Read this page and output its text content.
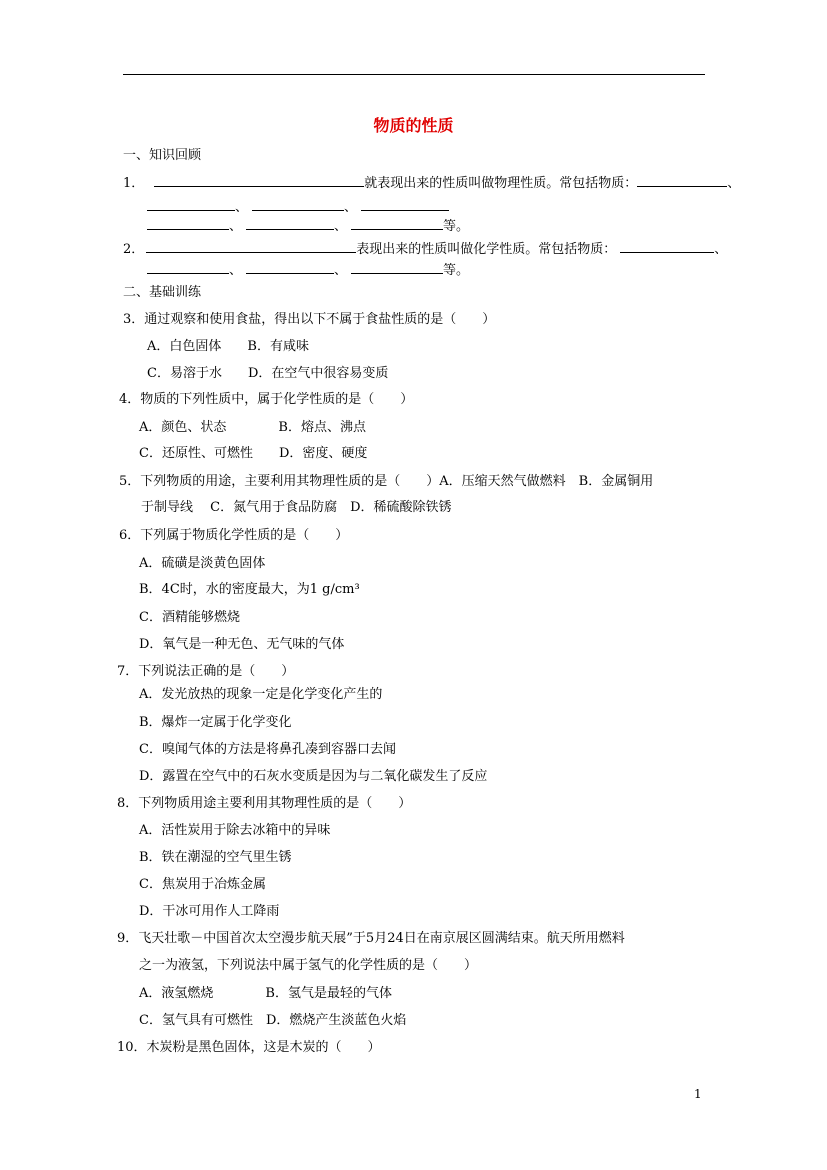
物质的性质
一、知识回顾
1．	就表现出来的性质叫做物理性质。常包括物质：	、
、	、
、	、	等。
2．	表现出来的性质叫做化学性质。常包括物质：	、
、	、	等。
二、基础训练
3．通过观察和使用食盐，得出以下不属于食盐性质的是（　　）
A．白色固体　　B．有咸味
C．易溶于水　　D．在空气中很容易变质
4．物质的下列性质中，属于化学性质的是（　　）
A．颜色、状态　　　　B．熔点、沸点
C．还原性、可燃性　　D．密度、硬度
5．下列物质的用途，主要利用其物理性质的是（　　）A．压缩天然气做燃料　B．金属铜用
于制导线　 C．氮气用于食品防腐　D．稀硫酸除铁锈
6．下列属于物质化学性质的是（　　）
A．硫磺是淡黄色固体
B．4C时，水的密度最大，为1 g/cm³
C．酒精能够燃烧
D．氧气是一种无色、无气味的气体
7．下列说法正确的是（　　）
A．发光放热的现象一定是化学变化产生的
B．爆炸一定属于化学变化
C．嗅闻气体的方法是将鼻孔凑到容器口去闻
D．露置在空气中的石灰水变质是因为与二氧化碳发生了反应
8．下列物质用途主要利用其物理性质的是（　　）
A．活性炭用于除去冰箱中的异味
B．铁在潮湿的空气里生锈
C．焦炭用于冶炼金属
D．干冰可用作人工降雨
9．飞天壮歌－中国首次太空漫步航天展”于5月24日在南京展区圆满结束。航天所用燃料
之一为液氢，下列说法中属于氢气的化学性质的是（　　）
A．液氢燃烧　　　　B．氢气是最轻的气体
C．氢气具有可燃性　D．燃烧产生淡蓝色火焰
10．木炭粉是黑色固体，这是木炭的（　　）
1
